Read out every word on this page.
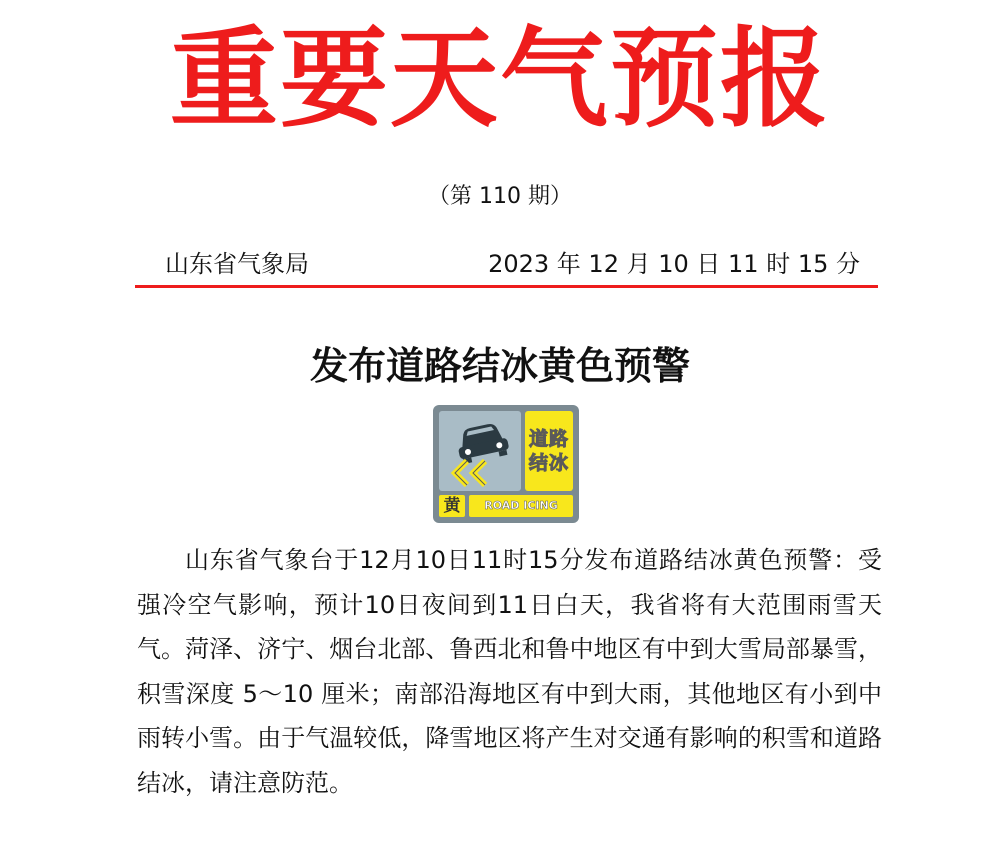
重要天气预报
（第 110 期）
山东省气象局	2023 年 12 月 10 日 11 时 15 分
发布道路结冰黄色预警
道路
结冰
黄	ROAD ICING

山东省气象台于12月10日11时15分发布道路结冰黄色预警：受强冷空气影响，预计10日夜间到11日白天，我省将有大范围雨雪天气。菏泽、济宁、烟台北部、鲁西北和鲁中地区有中到大雪局部暴雪，积雪深度 5～10 厘米；南部沿海地区有中到大雨，其他地区有小到中雨转小雪。由于气温较低，降雪地区将产生对交通有影响的积雪和道路结冰，请注意防范。
